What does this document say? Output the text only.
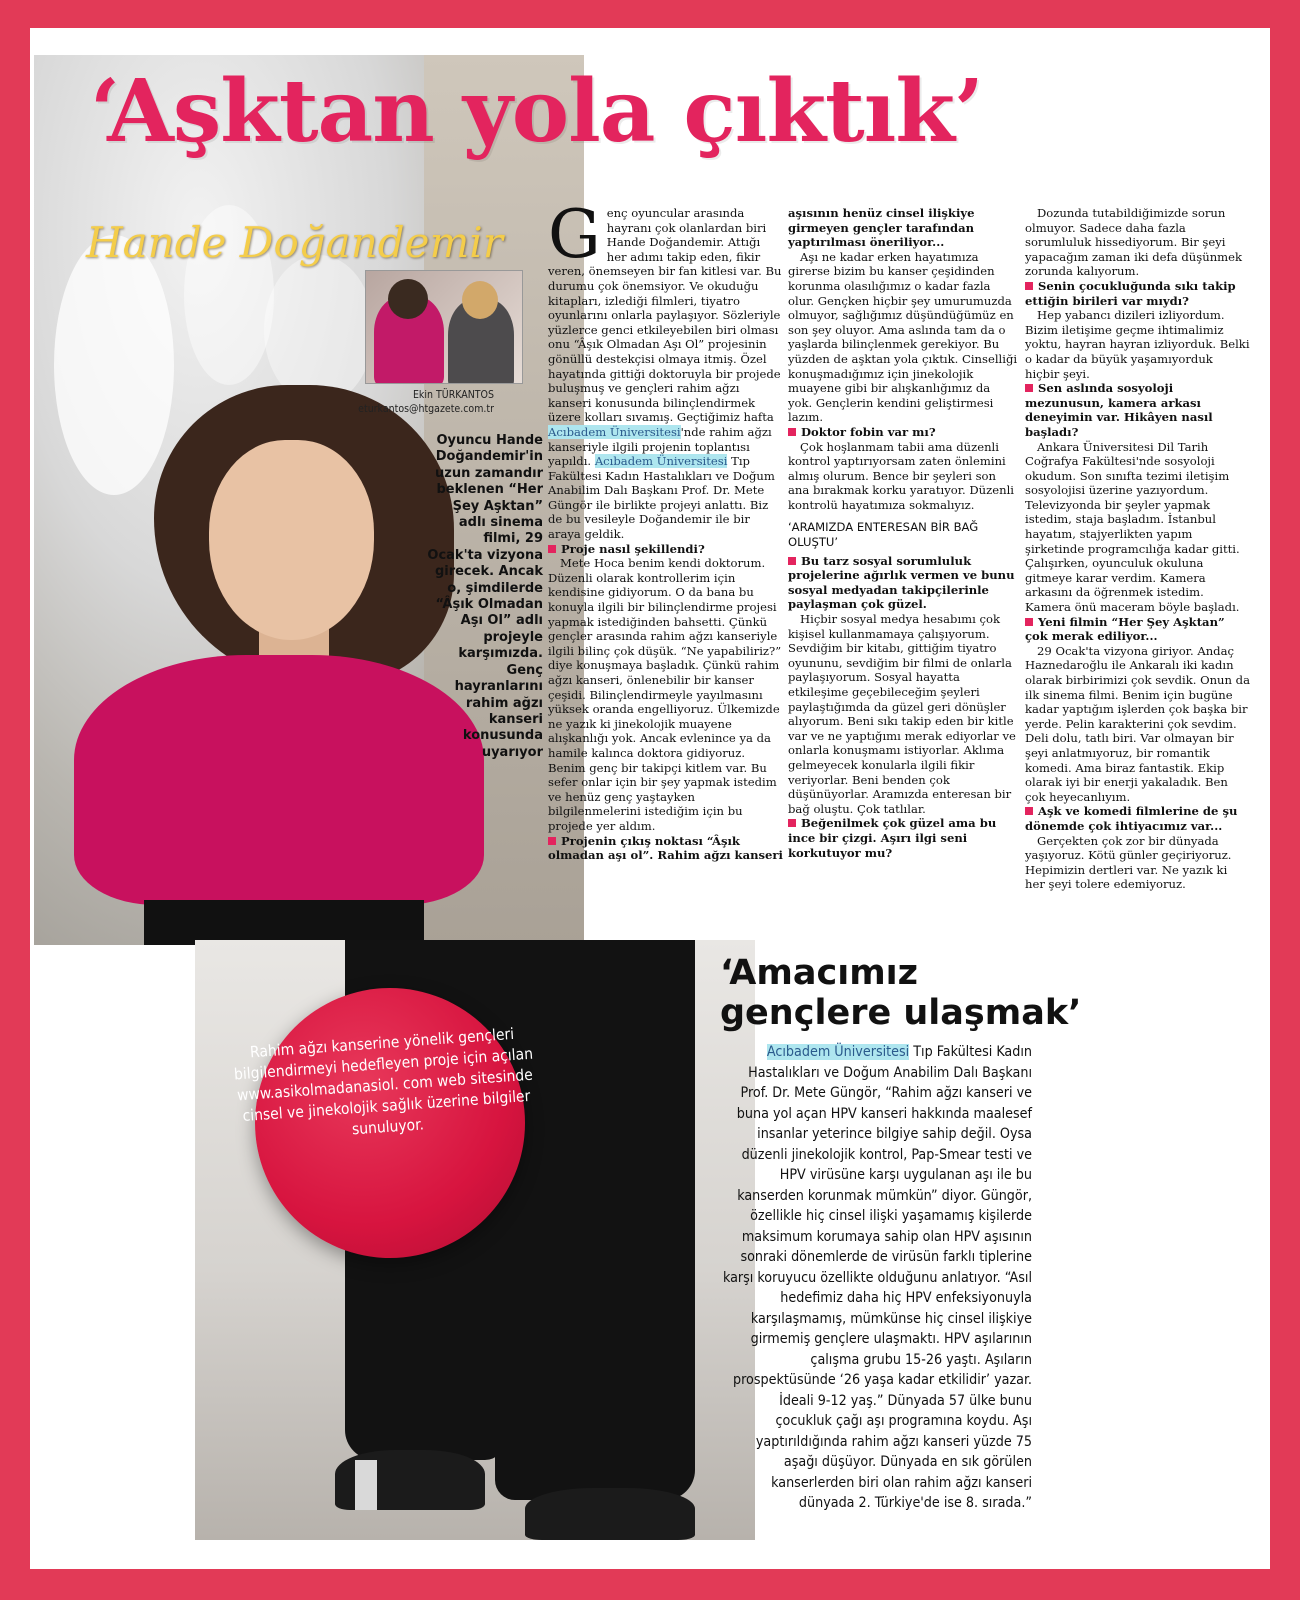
‘Aşktan yola çıktık’
Hande Doğandemir
Ekin TÜRKANTOS
eturkantos@htgazete.com.tr
Oyuncu Hande Doğandemir'in uzun zamandır beklenen “Her Şey Aşktan” adlı sinema filmi, 29 Ocak'ta vizyona girecek. Ancak o, şimdilerde “Âşık Olmadan Aşı Ol” adlı projeyle karşımızda. Genç hayranlarını rahim ağzı kanseri konusunda uyarıyor

Genç oyuncular arasında hayranı çok olanlardan biri Hande Doğandemir. Attığı her adımı takip eden, fikir veren, önemseyen bir fan kitlesi var. Bu durumu çok önemsiyor. Ve okuduğu kitapları, izlediği filmleri, tiyatro oyunlarını onlarla paylaşıyor. Sözleriyle yüzlerce genci etkileyebilen biri olması onu “Âşık Olmadan Aşı Ol” projesinin gönüllü destekçisi olmaya itmiş. Özel hayatında gittiği doktoruyla bir projede buluşmuş ve gençleri rahim ağzı kanseri konusunda bilinçlendirmek üzere kolları sıvamış. Geçtiğimiz hafta Acıbadem Üniversitesi'nde rahim ağzı kanseriyle ilgili projenin toplantısı yapıldı. Acıbadem Üniversitesi Tıp Fakültesi Kadın Hastalıkları ve Doğum Anabilim Dalı Başkanı Prof. Dr. Mete Güngör ile birlikte projeyi anlattı. Biz de bu vesileyle Doğandemir ile bir araya geldik.

Proje nasıl şekillendi?

Mete Hoca benim kendi doktorum. Düzenli olarak kontrollerim için kendisine gidiyorum. O da bana bu konuyla ilgili bir bilinçlendirme projesi yapmak istediğinden bahsetti. Çünkü gençler arasında rahim ağzı kanseriyle ilgili bilinç çok düşük. “Ne yapabiliriz?” diye konuşmaya başladık. Çünkü rahim ağzı kanseri, önlenebilir bir kanser çeşidi. Bilinçlendirmeyle yayılmasını yüksek oranda engelliyoruz. Ülkemizde ne yazık ki jinekolojik muayene alışkanlığı yok. Ancak evlenince ya da hamile kalınca doktora gidiyoruz. Benim genç bir takipçi kitlem var. Bu sefer onlar için bir şey yapmak istedim ve henüz genç yaştayken bilgilenmelerini istediğim için bu projede yer aldım.

Projenin çıkış noktası “Âşık olmadan aşı ol”. Rahim ağzı kanseri

aşısının henüz cinsel ilişkiye girmeyen gençler tarafından yaptırılması öneriliyor...

Aşı ne kadar erken hayatımıza girerse bizim bu kanser çeşidinden korunma olasılığımız o kadar fazla olur. Gençken hiçbir şey umurumuzda olmuyor, sağlığımız düşündüğümüz en son şey oluyor. Ama aslında tam da o yaşlarda bilinçlenmek gerekiyor. Bu yüzden de aşktan yola çıktık. Cinselliği konuşmadığımız için jinekolojik muayene gibi bir alışkanlığımız da yok. Gençlerin kendini geliştirmesi lazım.

Doktor fobin var mı?

Çok hoşlanmam tabii ama düzenli kontrol yaptırıyorsam zaten önlemini almış olurum. Bence bir şeyleri son ana bırakmak korku yaratıyor. Düzenli kontrolü hayatımıza sokmalıyız.

‘ARAMIZDA ENTERESAN BİR BAĞ OLUŞTU’

Bu tarz sosyal sorumluluk projelerine ağırlık vermen ve bunu sosyal medyadan takipçilerinle paylaşman çok güzel.

Hiçbir sosyal medya hesabımı çok kişisel kullanmamaya çalışıyorum. Sevdiğim bir kitabı, gittiğim tiyatro oyununu, sevdiğim bir filmi de onlarla paylaşıyorum. Sosyal hayatta etkileşime geçebileceğim şeyleri paylaştığımda da güzel geri dönüşler alıyorum. Beni sıkı takip eden bir kitle var ve ne yaptığımı merak ediyorlar ve onlarla konuşmamı istiyorlar. Aklıma gelmeyecek konularla ilgili fikir veriyorlar. Beni benden çok düşünüyorlar. Aramızda enteresan bir bağ oluştu. Çok tatlılar.

Beğenilmek çok güzel ama bu ince bir çizgi. Aşırı ilgi seni korkutuyor mu?

Dozunda tutabildiğimizde sorun olmuyor. Sadece daha fazla sorumluluk hissediyorum. Bir şeyi yapacağım zaman iki defa düşünmek zorunda kalıyorum.

Senin çocukluğunda sıkı takip ettiğin birileri var mıydı?

Hep yabancı dizileri izliyordum. Bizim iletişime geçme ihtimalimiz yoktu, hayran hayran izliyorduk. Belki o kadar da büyük yaşamıyorduk hiçbir şeyi.

Sen aslında sosyoloji mezunusun, kamera arkası deneyimin var. Hikâyen nasıl başladı?

Ankara Üniversitesi Dil Tarih Coğrafya Fakültesi'nde sosyoloji okudum. Son sınıfta tezimi iletişim sosyolojisi üzerine yazıyordum. Televizyonda bir şeyler yapmak istedim, staja başladım. İstanbul hayatım, stajyerlikten yapım şirketinde programcılığa kadar gitti. Çalışırken, oyunculuk okuluna gitmeye karar verdim. Kamera arkasını da öğrenmek istedim. Kamera önü maceram böyle başladı.

Yeni filmin “Her Şey Aşktan” çok merak ediliyor...

29 Ocak'ta vizyona giriyor. Andaç Haznedaroğlu ile Ankaralı iki kadın olarak birbirimizi çok sevdik. Onun da ilk sinema filmi. Benim için bugüne kadar yaptığım işlerden çok başka bir yerde. Pelin karakterini çok sevdim. Deli dolu, tatlı biri. Var olmayan bir şeyi anlatmıyoruz, bir romantik komedi. Ama biraz fantastik. Ekip olarak iyi bir enerji yakaladık. Ben çok heyecanlıyım.

Aşk ve komedi filmlerine de şu dönemde çok ihtiyacımız var...

Gerçekten çok zor bir dünyada yaşıyoruz. Kötü günler geçiriyoruz. Hepimizin dertleri var. Ne yazık ki her şeyi tolere edemiyoruz.

‘Amacımız
gençlere ulaşmak’
Acıbadem Üniversitesi Tıp Fakültesi Kadın Hastalıkları ve Doğum Anabilim Dalı Başkanı Prof. Dr. Mete Güngör, “Rahim ağzı kanseri ve buna yol açan HPV kanseri hakkında maalesef insanlar yeterince bilgiye sahip değil. Oysa düzenli jinekolojik kontrol, Pap-Smear testi ve HPV virüsüne karşı uygulanan aşı ile bu kanserden korunmak mümkün” diyor. Güngör, özellikle hiç cinsel ilişki yaşamamış kişilerde maksimum korumaya sahip olan HPV aşısının sonraki dönemlerde de virüsün farklı tiplerine karşı koruyucu özellikte olduğunu anlatıyor. “Asıl hedefimiz daha hiç HPV enfeksiyonuyla karşılaşmamış, mümkünse hiç cinsel ilişkiye girmemiş gençlere ulaşmaktı. HPV aşılarının çalışma grubu 15-26 yaştı. Aşıların prospektüsünde ‘26 yaşa kadar etkilidir’ yazar. İdeali 9-12 yaş.” Dünyada 57 ülke bunu çocukluk çağı aşı programına koydu. Aşı yaptırıldığında rahim ağzı kanseri yüzde 75 aşağı düşüyor. Dünyada en sık görülen kanserlerden biri olan rahim ağzı kanseri dünyada 2. Türkiye'de ise 8. sırada.”
Rahim ağzı kanserine yönelik gençleri bilgilendirmeyi hedefleyen proje için açılan www.asikolmadanasiol. com web sitesinde cinsel ve jinekolojik sağlık üzerine bilgiler sunuluyor.
